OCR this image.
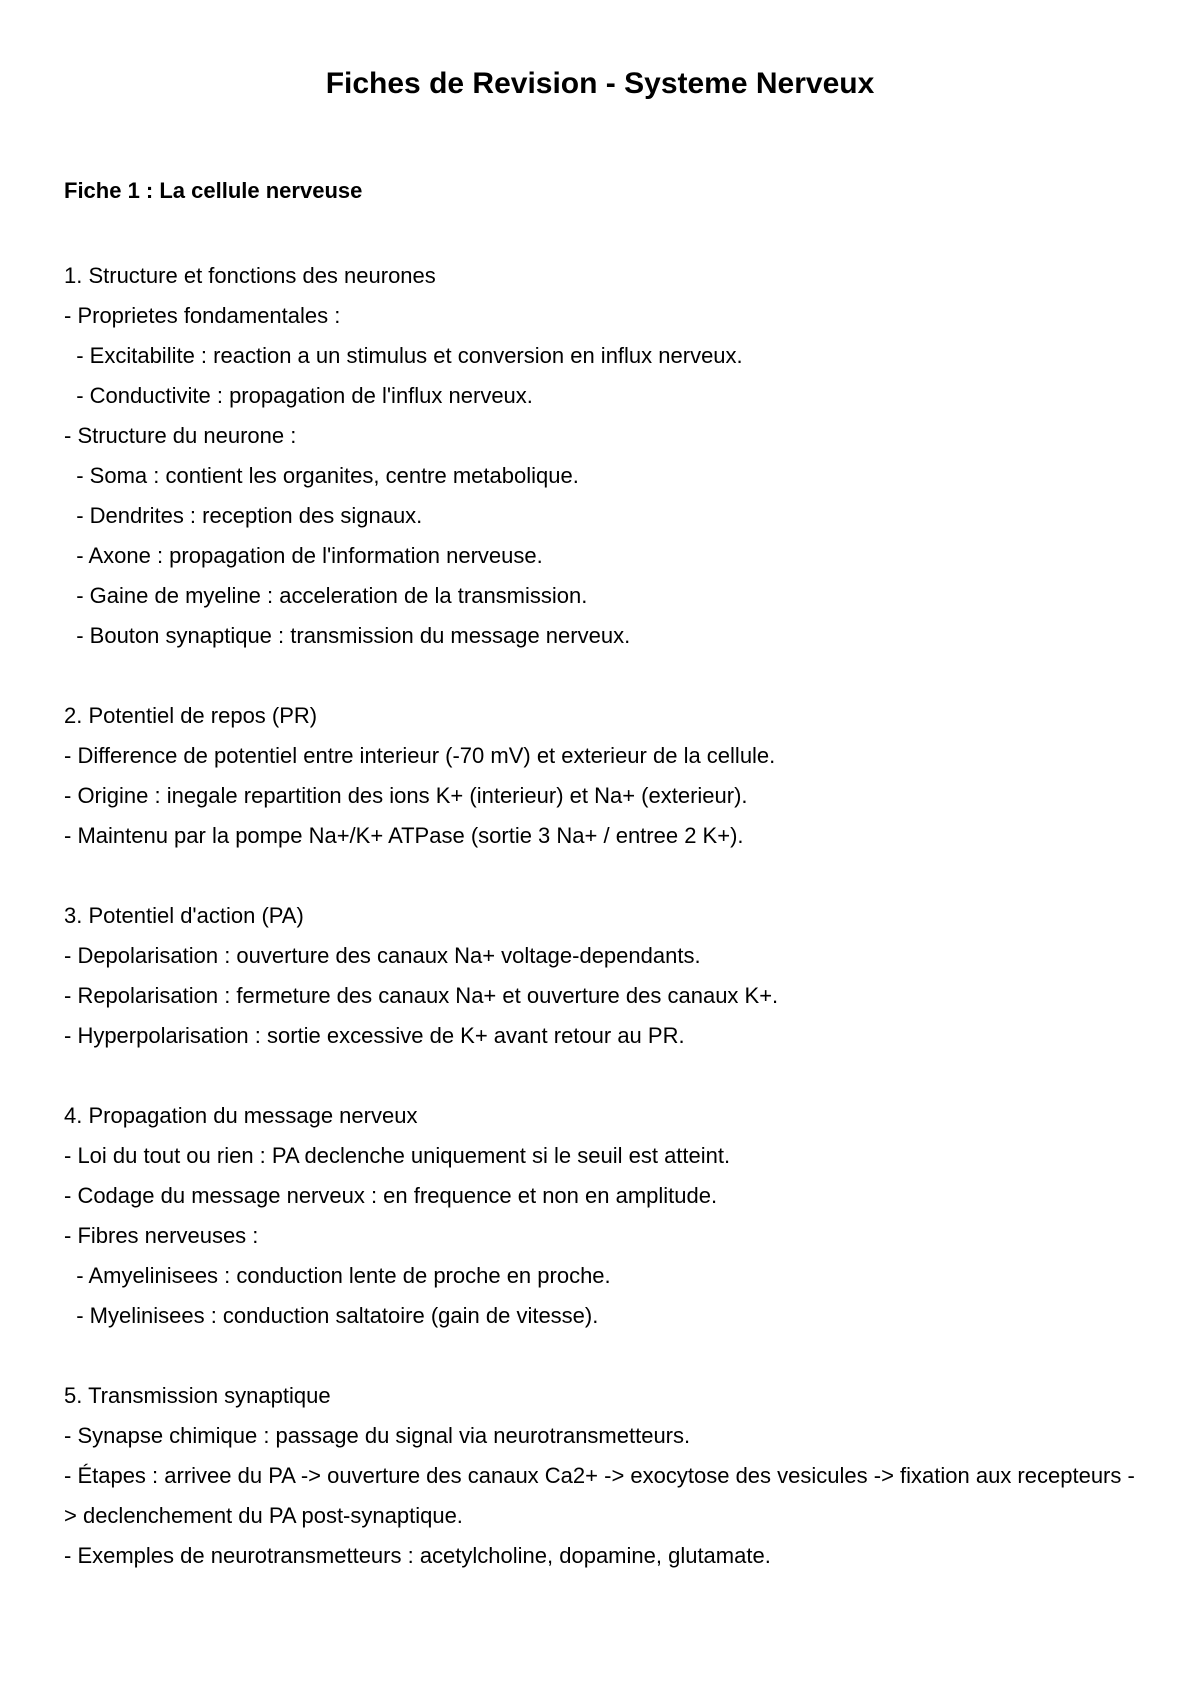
Fiches de Revision - Systeme Nerveux
Fiche 1 : La cellule nerveuse
1. Structure et fonctions des neurones
- Proprietes fondamentales :
- Excitabilite : reaction a un stimulus et conversion en influx nerveux.
- Conductivite : propagation de l'influx nerveux.
- Structure du neurone :
- Soma : contient les organites, centre metabolique.
- Dendrites : reception des signaux.
- Axone : propagation de l'information nerveuse.
- Gaine de myeline : acceleration de la transmission.
- Bouton synaptique : transmission du message nerveux.
2. Potentiel de repos (PR)
- Difference de potentiel entre interieur (-70 mV) et exterieur de la cellule.
- Origine : inegale repartition des ions K+ (interieur) et Na+ (exterieur).
- Maintenu par la pompe Na+/K+ ATPase (sortie 3 Na+ / entree 2 K+).
3. Potentiel d'action (PA)
- Depolarisation : ouverture des canaux Na+ voltage-dependants.
- Repolarisation : fermeture des canaux Na+ et ouverture des canaux K+.
- Hyperpolarisation : sortie excessive de K+ avant retour au PR.
4. Propagation du message nerveux
- Loi du tout ou rien : PA declenche uniquement si le seuil est atteint.
- Codage du message nerveux : en frequence et non en amplitude.
- Fibres nerveuses :
- Amyelinisees : conduction lente de proche en proche.
- Myelinisees : conduction saltatoire (gain de vitesse).
5. Transmission synaptique
- Synapse chimique : passage du signal via neurotransmetteurs.
- Étapes : arrivee du PA -> ouverture des canaux Ca2+ -> exocytose des vesicules -> fixation aux recepteurs -> declenchement du PA post-synaptique.
- Exemples de neurotransmetteurs : acetylcholine, dopamine, glutamate.
